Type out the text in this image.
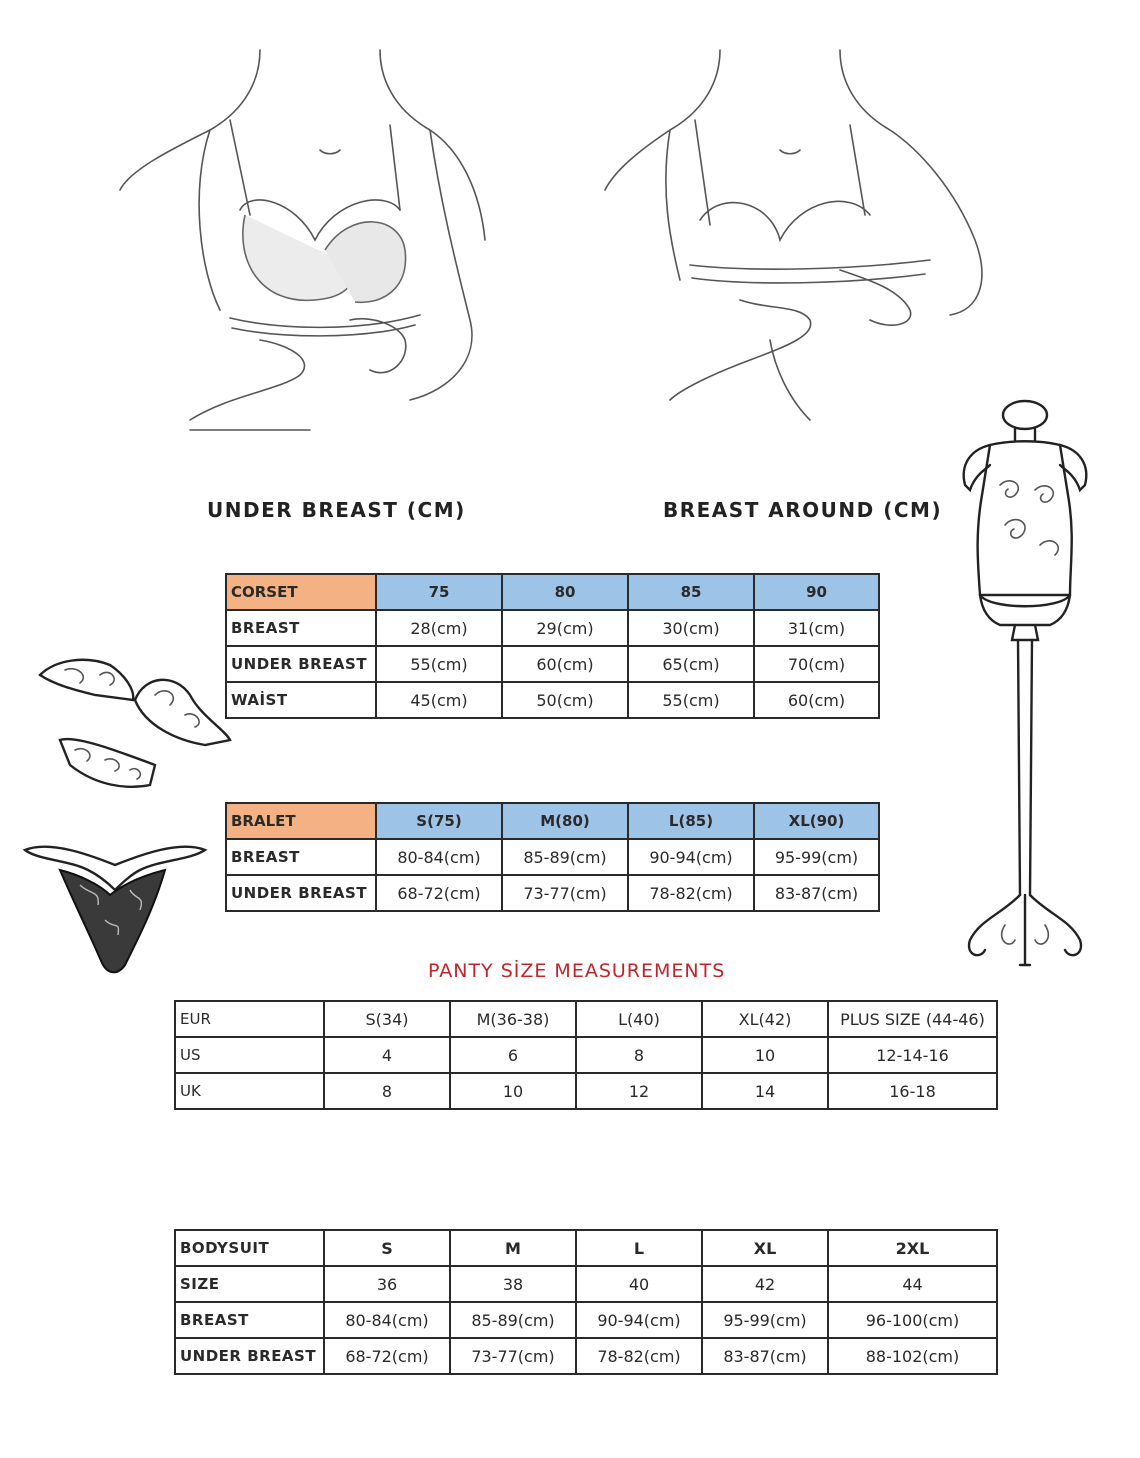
UNDER BREAST (CM)	BREAST AROUND (CM)
CORSET	75	80	85	90
BREAST	28(cm)	29(cm)	30(cm)	31(cm)
UNDER BREAST	55(cm)	60(cm)	65(cm)	70(cm)
WAİST	45(cm)	50(cm)	55(cm)	60(cm)
BRALET	S(75)	M(80)	L(85)	XL(90)
BREAST	80-84(cm)	85-89(cm)	90-94(cm)	95-99(cm)
UNDER BREAST	68-72(cm)	73-77(cm)	78-82(cm)	83-87(cm)
PANTY SİZE MEASUREMENTS
EUR	S(34)	M(36-38)	L(40)	XL(42)	PLUS SIZE (44-46)
US	4	6	8	10	12-14-16
UK	8	10	12	14	16-18
BODYSUIT	S	M	L	XL	2XL
SIZE	36	38	40	42	44
BREAST	80-84(cm)	85-89(cm)	90-94(cm)	95-99(cm)	96-100(cm)
UNDER BREAST	68-72(cm)	73-77(cm)	78-82(cm)	83-87(cm)	88-102(cm)
